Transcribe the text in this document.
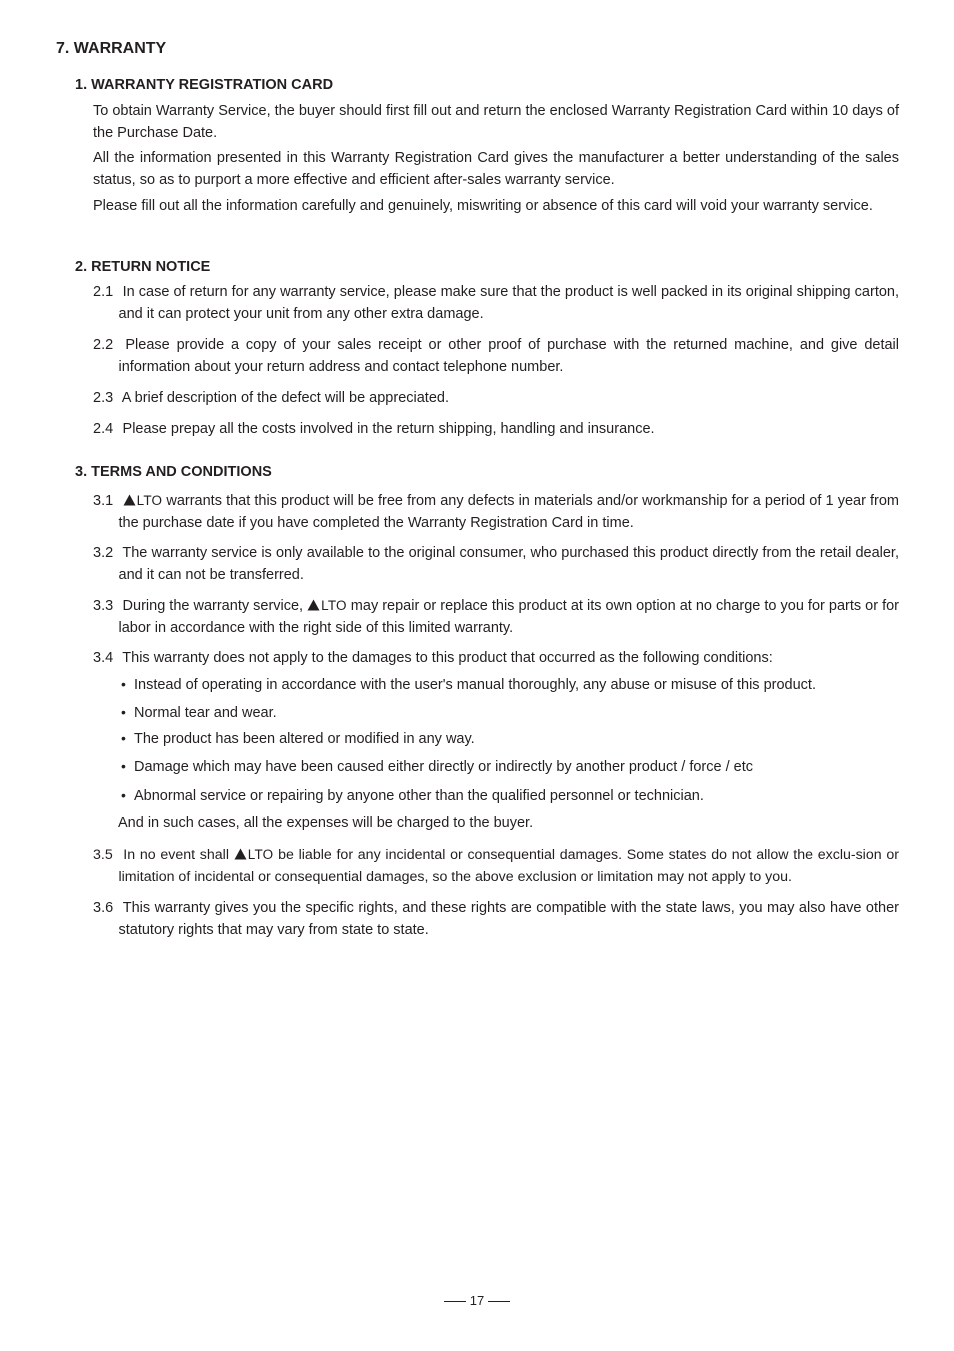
7. WARRANTY
1. WARRANTY REGISTRATION CARD

To obtain Warranty Service, the buyer should first fill out and return the enclosed Warranty Registration Card within 10 days of the Purchase Date.

All the information presented in this Warranty Registration Card gives the manufacturer a better understanding of the sales status, so as to purport a more effective and efficient after-sales warranty service.

Please fill out all the information carefully and genuinely, miswriting or absence of this card will void your warranty service.

2. RETURN NOTICE

2.1 In case of return for any warranty service, please make sure that the product is well packed in its original shipping carton, and it can protect your unit from any other extra damage.

2.2 Please provide a copy of your sales receipt or other proof of purchase with the returned machine, and give detail information about your return address and contact telephone number.

2.3 A brief description of the defect will be appreciated.

2.4 Please prepay all the costs involved in the return shipping, handling and insurance.

3. TERMS AND CONDITIONS

3.1 LTO warrants that this product will be free from any defects in materials and/or workmanship for a period of 1 year from the purchase date if you have completed the Warranty Registration Card in time.

3.2 The warranty service is only available to the original consumer, who purchased this product directly from the retail dealer, and it can not be transferred.

3.3 During the warranty service, LTO may repair or replace this product at its own option at no charge to you for parts or for labor in accordance with the right side of this limited warranty.

3.4 This warranty does not apply to the damages to this product that occurred as the following conditions:

• Instead of operating in accordance with the user's manual thoroughly, any abuse or misuse of this product.

• Normal tear and wear.

• The product has been altered or modified in any way.

• Damage which may have been caused either directly or indirectly by another product / force / etc

• Abnormal service or repairing by anyone other than the qualified personnel or technician.

And in such cases, all the expenses will be charged to the buyer.

3.5 In no event shall LTO be liable for any incidental or consequential damages. Some states do not allow the exclu-sion or limitation of incidental or consequential damages, so the above exclusion or limitation may not apply to you.

3.6 This warranty gives you the specific rights, and these rights are compatible with the state laws, you may also have other statutory rights that may vary from state to state.

17
